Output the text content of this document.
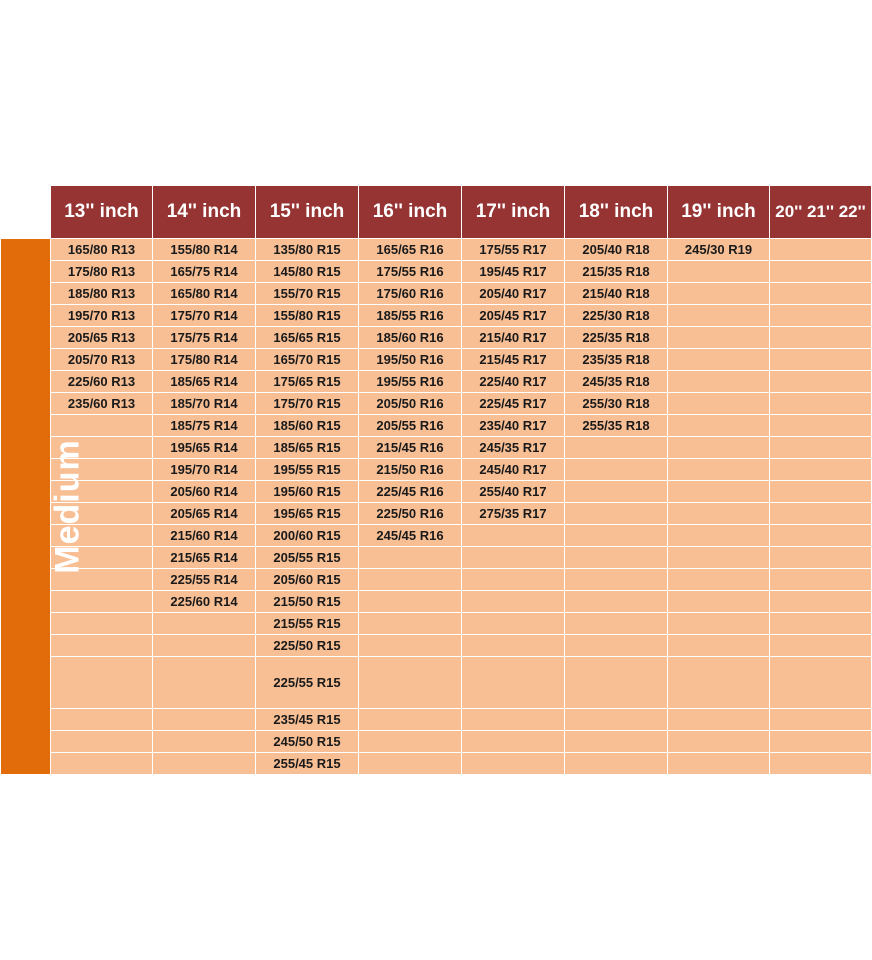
	13'' inch	14'' inch	15'' inch	16'' inch	17'' inch	18'' inch	19'' inch	20'' 21'' 22''
Medium	165/80 R13	155/80 R14	135/80 R15	165/65 R16	175/55 R17	205/40 R18	245/30 R19	
	175/80 R13	165/75 R14	145/80 R15	175/55 R16	195/45 R17	215/35 R18		
	185/80 R13	165/80 R14	155/70 R15	175/60 R16	205/40 R17	215/40 R18		
	195/70 R13	175/70 R14	155/80 R15	185/55 R16	205/45 R17	225/30 R18		
	205/65 R13	175/75 R14	165/65 R15	185/60 R16	215/40 R17	225/35 R18		
	205/70 R13	175/80 R14	165/70 R15	195/50 R16	215/45 R17	235/35 R18		
	225/60 R13	185/65 R14	175/65 R15	195/55 R16	225/40 R17	245/35 R18		
	235/60 R13	185/70 R14	175/70 R15	205/50 R16	225/45 R17	255/30 R18		
		185/75 R14	185/60 R15	205/55 R16	235/40 R17	255/35 R18		
		195/65 R14	185/65 R15	215/45 R16	245/35 R17			
		195/70 R14	195/55 R15	215/50 R16	245/40 R17			
		205/60 R14	195/60 R15	225/45 R16	255/40 R17			
		205/65 R14	195/65 R15	225/50 R16	275/35 R17			
		215/60 R14	200/60 R15	245/45 R16				
		215/65 R14	205/55 R15					
		225/55 R14	205/60 R15					
		225/60 R14	215/50 R15					
			215/55 R15					
			225/50 R15					
			225/55 R15					
			235/45 R15					
			245/50 R15					
			255/45 R15					
